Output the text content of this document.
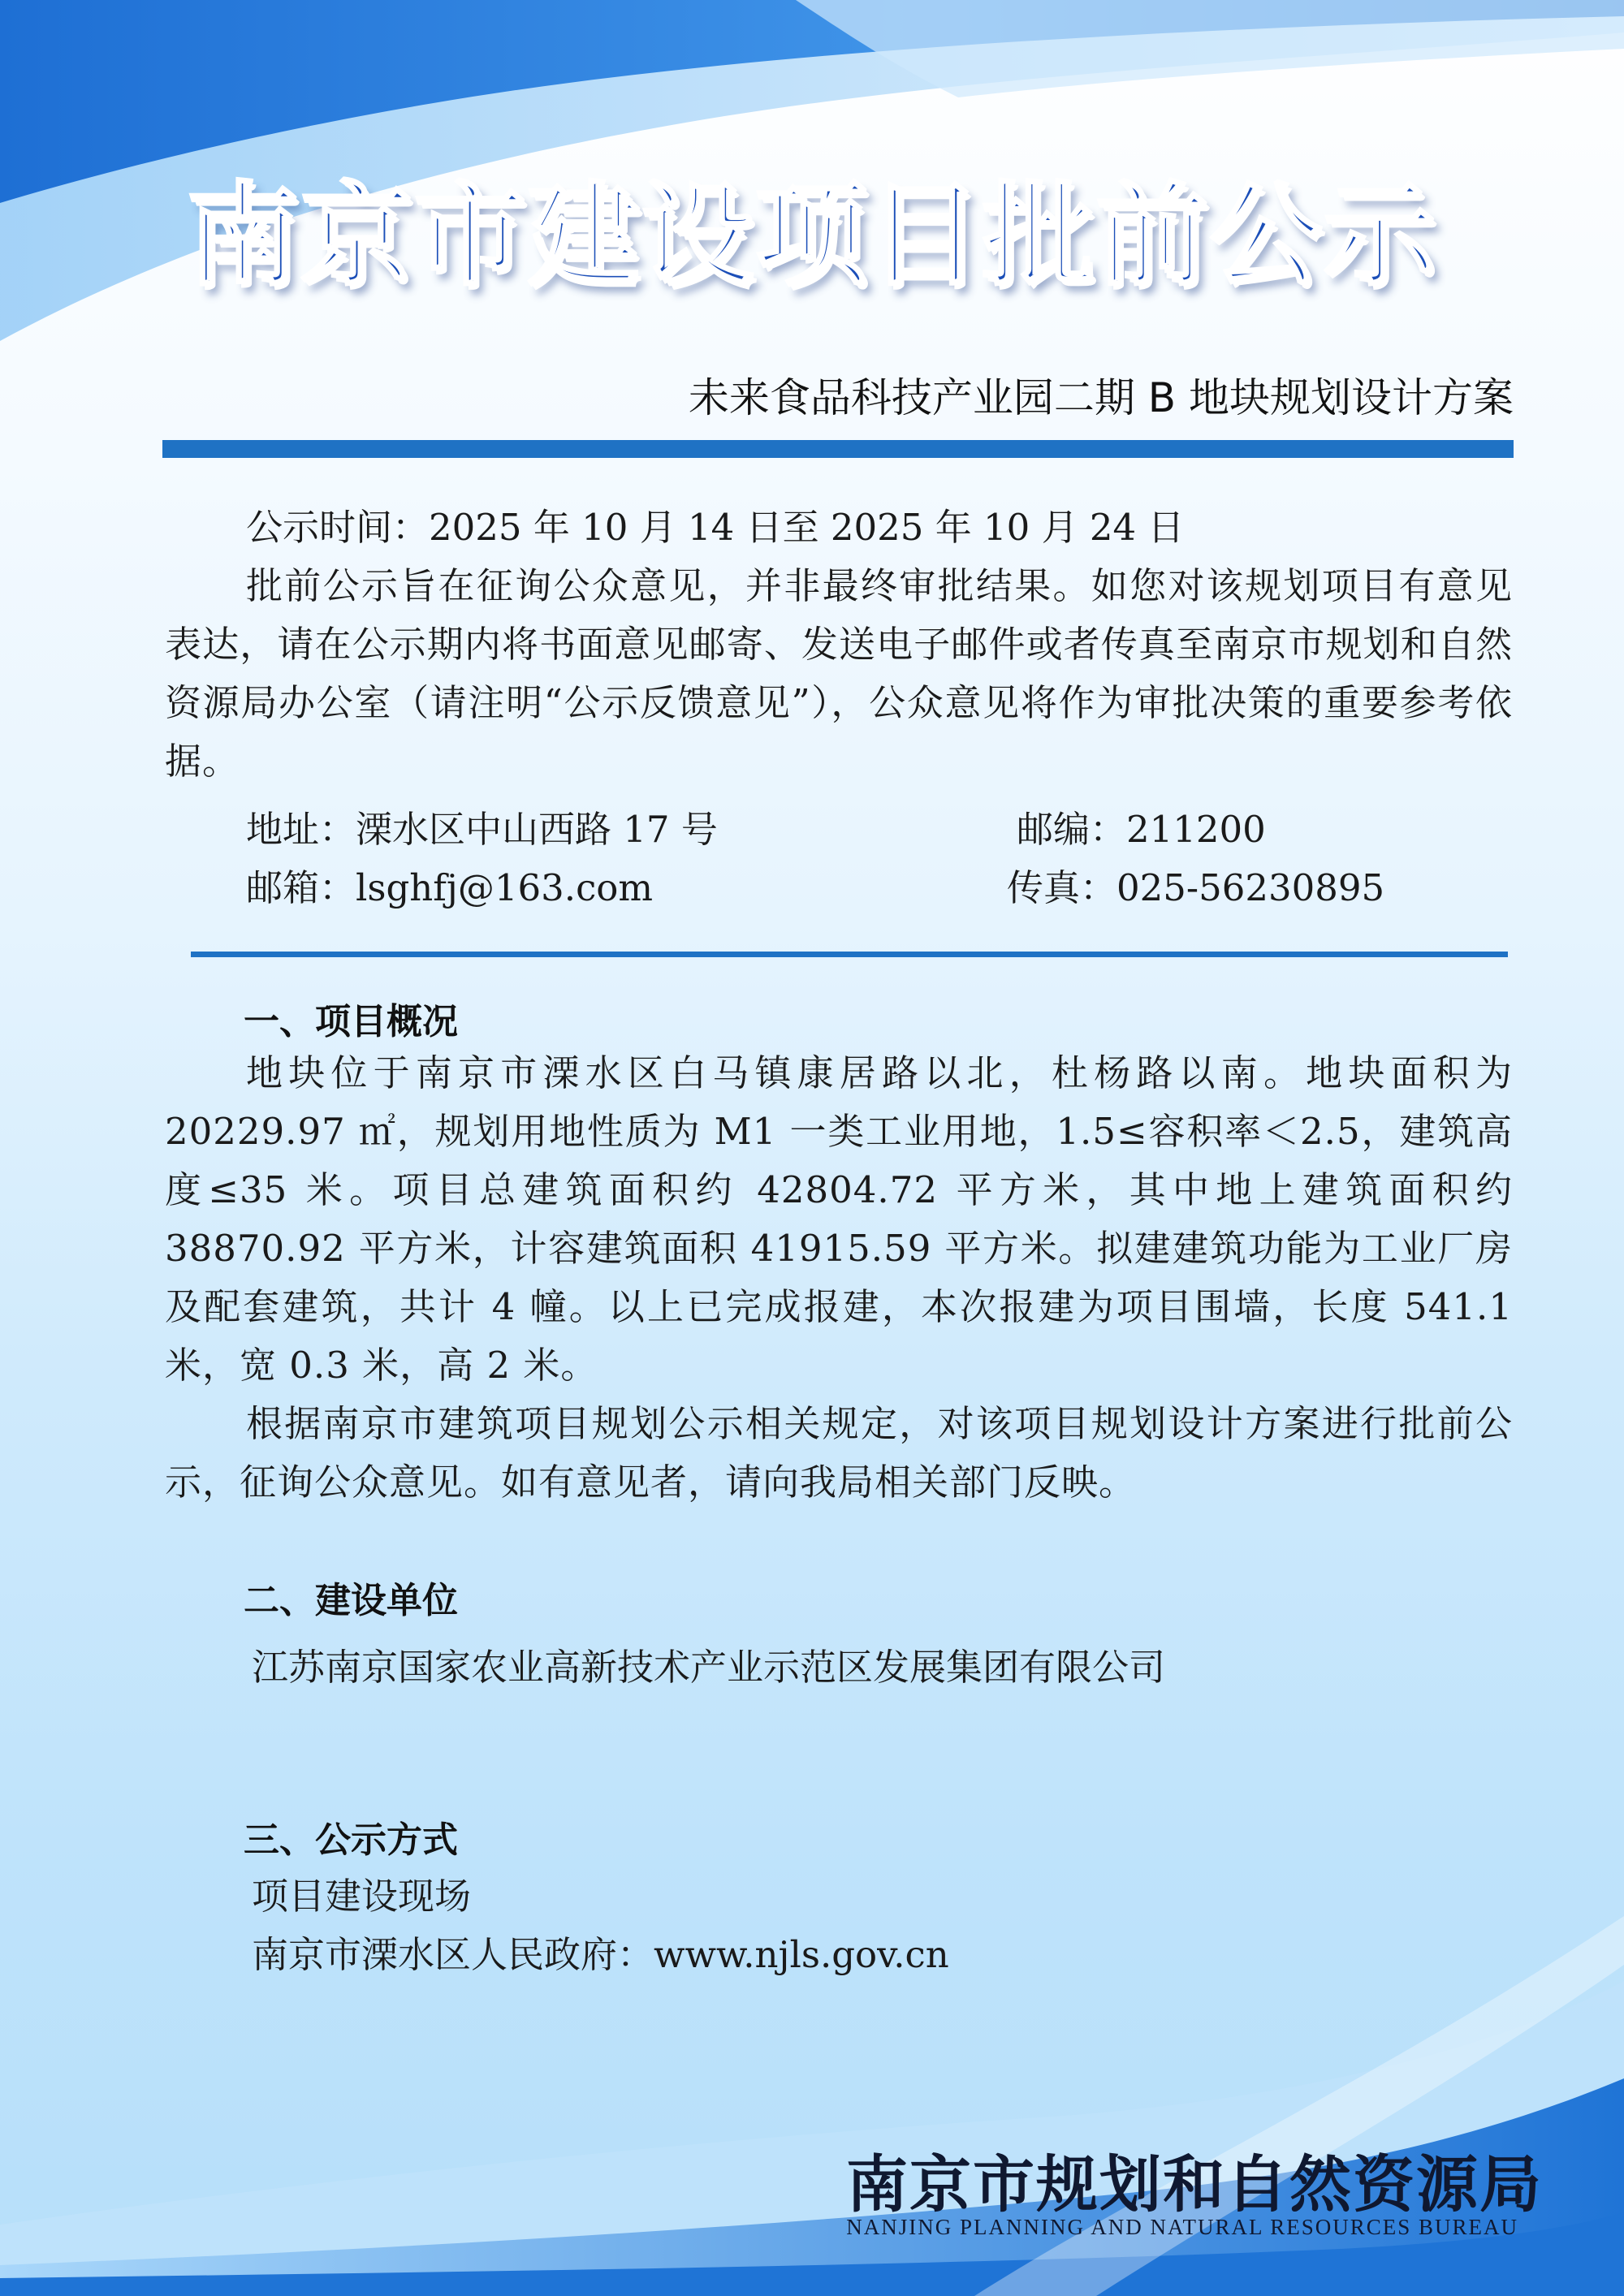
南京市建设项目批前公示
未来食品科技产业园二期 B 地块规划设计方案
公示时间：2025 年 10 月 14 日至 2025 年 10 月 24 日
批前公示旨在征询公众意见，并非最终审批结果。如您对该规划项目有意见表达，请在公示期内将书面意见邮寄、发送电子邮件或者传真至南京市规划和自然资源局办公室（请注明“公示反馈意见”），公众意见将作为审批决策的重要参考依据。
地址：溧水区中山西路 17 号	邮编：211200
邮箱：lsghfj@163.com	传真：025-56230895
一、项目概况
地块位于南京市溧水区白马镇康居路以北，杜杨路以南。地块面积为20229.97 ㎡，规划用地性质为 M1 一类工业用地，1.5≤容积率＜2.5，建筑高度≤35 米。项目总建筑面积约 42804.72 平方米，其中地上建筑面积约 38870.92 平方米，计容建筑面积 41915.59 平方米。拟建建筑功能为工业厂房及配套建筑，共计 4 幢。以上已完成报建，本次报建为项目围墙，长度 541.1 米，宽 0.3 米，高 2 米。
根据南京市建筑项目规划公示相关规定，对该项目规划设计方案进行批前公示，征询公众意见。如有意见者，请向我局相关部门反映。
二、建设单位
江苏南京国家农业高新技术产业示范区发展集团有限公司
三、公示方式
项目建设现场
南京市溧水区人民政府：www.njls.gov.cn
南京市规划和自然资源局
NANJING PLANNING AND NATURAL RESOURCES BUREAU
